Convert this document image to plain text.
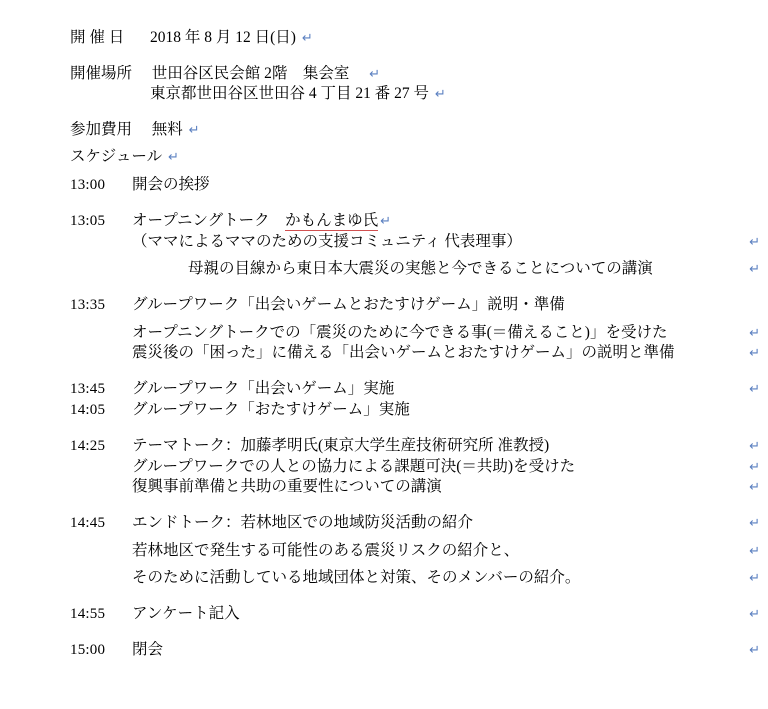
開 催 日 2018 年 8 月 12 日(日) ↵
開催場所 世田谷区民会館 2階　集会室 ↵
東京都世田谷区世田谷 4 丁目 21 番 27 号 ↵
参加費用 無料 ↵
スケジュール ↵
13:00	開会の挨拶
13:05	オープニングトーク　かもんまゆ氏 ↵
（ママによるママのための支援コミュニティ 代表理事）	↵
母親の目線から東日本大震災の実態と今できることについての講演	↵
13:35	グループワーク「出会いゲームとおたすけゲーム」説明・準備
オープニングトークでの「震災のために今できる事(＝備えること)」を受けた	↵
震災後の「困った」に備える「出会いゲームとおたすけゲーム」の説明と準備	↵
13:45	グループワーク「出会いゲーム」実施	↵
14:05	グループワーク「おたすけゲーム」実施
14:25	テーマトーク：加藤孝明氏(東京大学生産技術研究所 准教授)	↵
グループワークでの人との協力による課題可決(＝共助)を受けた	↵
復興事前準備と共助の重要性についての講演	↵
14:45	エンドトーク：若林地区での地域防災活動の紹介	↵
若林地区で発生する可能性のある震災リスクの紹介と、	↵
そのために活動している地域団体と対策、そのメンバーの紹介。	↵
14:55	アンケート記入	↵
15:00	閉会	↵
